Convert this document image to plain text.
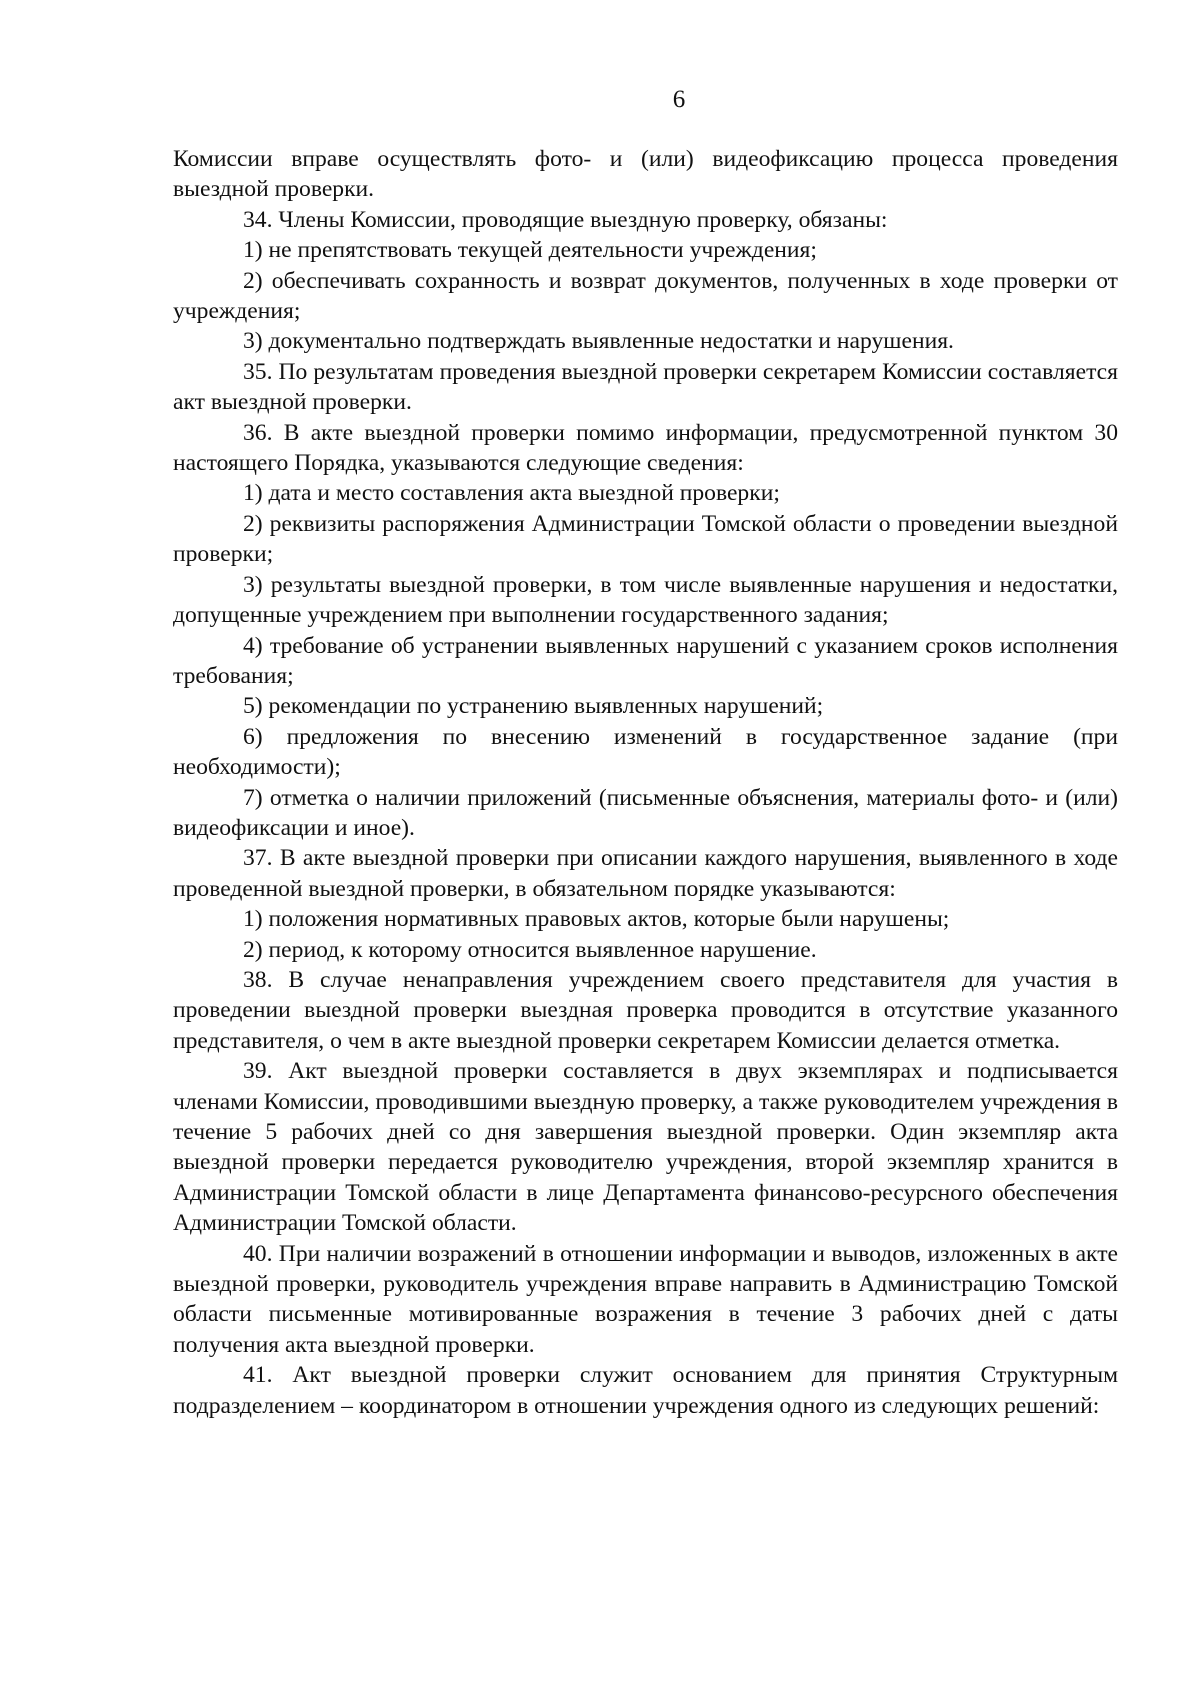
6

Комиссии вправе осуществлять фото- и (или) видеофиксацию процесса проведения выездной проверки.

34. Члены Комиссии, проводящие выездную проверку, обязаны:

1) не препятствовать текущей деятельности учреждения;

2) обеспечивать сохранность и возврат документов, полученных в ходе проверки от учреждения;

3) документально подтверждать выявленные недостатки и нарушения.

35. По результатам проведения выездной проверки секретарем Комиссии составляется акт выездной проверки.

36. В акте выездной проверки помимо информации, предусмотренной пунктом 30 настоящего Порядка, указываются следующие сведения:

1) дата и место составления акта выездной проверки;

2) реквизиты распоряжения Администрации Томской области о проведении выездной проверки;

3) результаты выездной проверки, в том числе выявленные нарушения и недостатки, допущенные учреждением при выполнении государственного задания;

4) требование об устранении выявленных нарушений с указанием сроков исполнения требования;

5) рекомендации по устранению выявленных нарушений;

6) предложения по внесению изменений в государственное задание (при необходимости);

7) отметка о наличии приложений (письменные объяснения, материалы фото- и (или) видеофиксации и иное).

37. В акте выездной проверки при описании каждого нарушения, выявленного в ходе проведенной выездной проверки, в обязательном порядке указываются:

1) положения нормативных правовых актов, которые были нарушены;

2) период, к которому относится выявленное нарушение.

38. В случае ненаправления учреждением своего представителя для участия в проведении выездной проверки выездная проверка проводится в отсутствие указанного представителя, о чем в акте выездной проверки секретарем Комиссии делается отметка.

39. Акт выездной проверки составляется в двух экземплярах и подписывается членами Комиссии, проводившими выездную проверку, а также руководителем учреждения в течение 5 рабочих дней со дня завершения выездной проверки. Один экземпляр акта выездной проверки передается руководителю учреждения, второй экземпляр хранится в Администрации Томской области в лице Департамента финансово-ресурсного обеспечения Администрации Томской области.

40. При наличии возражений в отношении информации и выводов, изложенных в акте выездной проверки, руководитель учреждения вправе направить в Администрацию Томской области письменные мотивированные возражения в течение 3 рабочих дней с даты получения акта выездной проверки.

41. Акт выездной проверки служит основанием для принятия Структурным подразделением – координатором в отношении учреждения одного из следующих решений:
